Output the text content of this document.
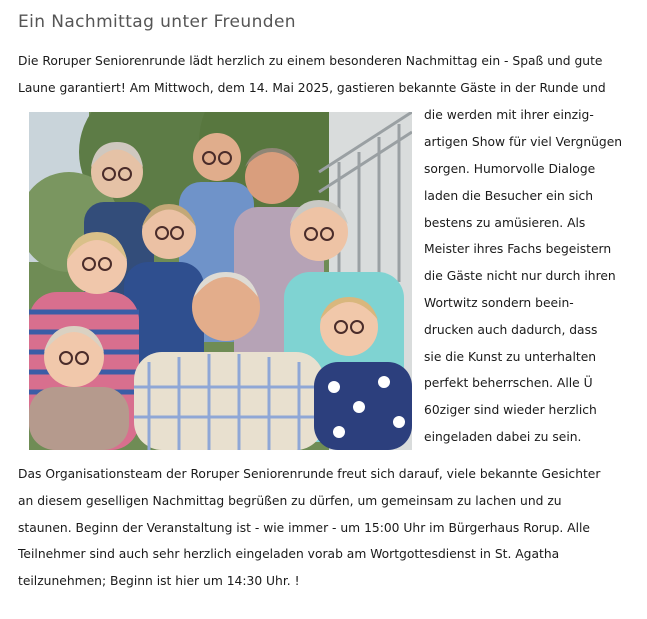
Ein Nachmittag unter Freunden
Die Roruper Seniorenrunde lädt herzlich zu einem besonderen Nachmittag ein - Spaß und gute
Laune garantiert! Am Mittwoch, dem 14. Mai 2025, gastieren bekannte Gäste in der Runde und
die werden mit ihrer einzig-
artigen Show für viel Vergnügen
sorgen. Humorvolle Dialoge
laden die Besucher ein sich
bestens zu amüsieren. Als
Meister ihres Fachs begeistern
die Gäste nicht nur durch ihren
Wortwitz sondern beein-
drucken auch dadurch, dass
sie die Kunst zu unterhalten
perfekt beherrschen. Alle Ü
60ziger sind wieder herzlich
eingeladen dabei zu sein.
Das Organisationsteam der Roruper Seniorenrunde freut sich darauf, viele bekannte Gesichter
an diesem geselligen Nachmittag begrüßen zu dürfen, um gemeinsam zu lachen und zu
staunen. Beginn der Veranstaltung ist - wie immer - um 15:00 Uhr im Bürgerhaus Rorup. Alle
Teilnehmer sind auch sehr herzlich eingeladen vorab am Wortgottesdienst in St. Agatha
teilzunehmen; Beginn ist hier um 14:30 Uhr. !
